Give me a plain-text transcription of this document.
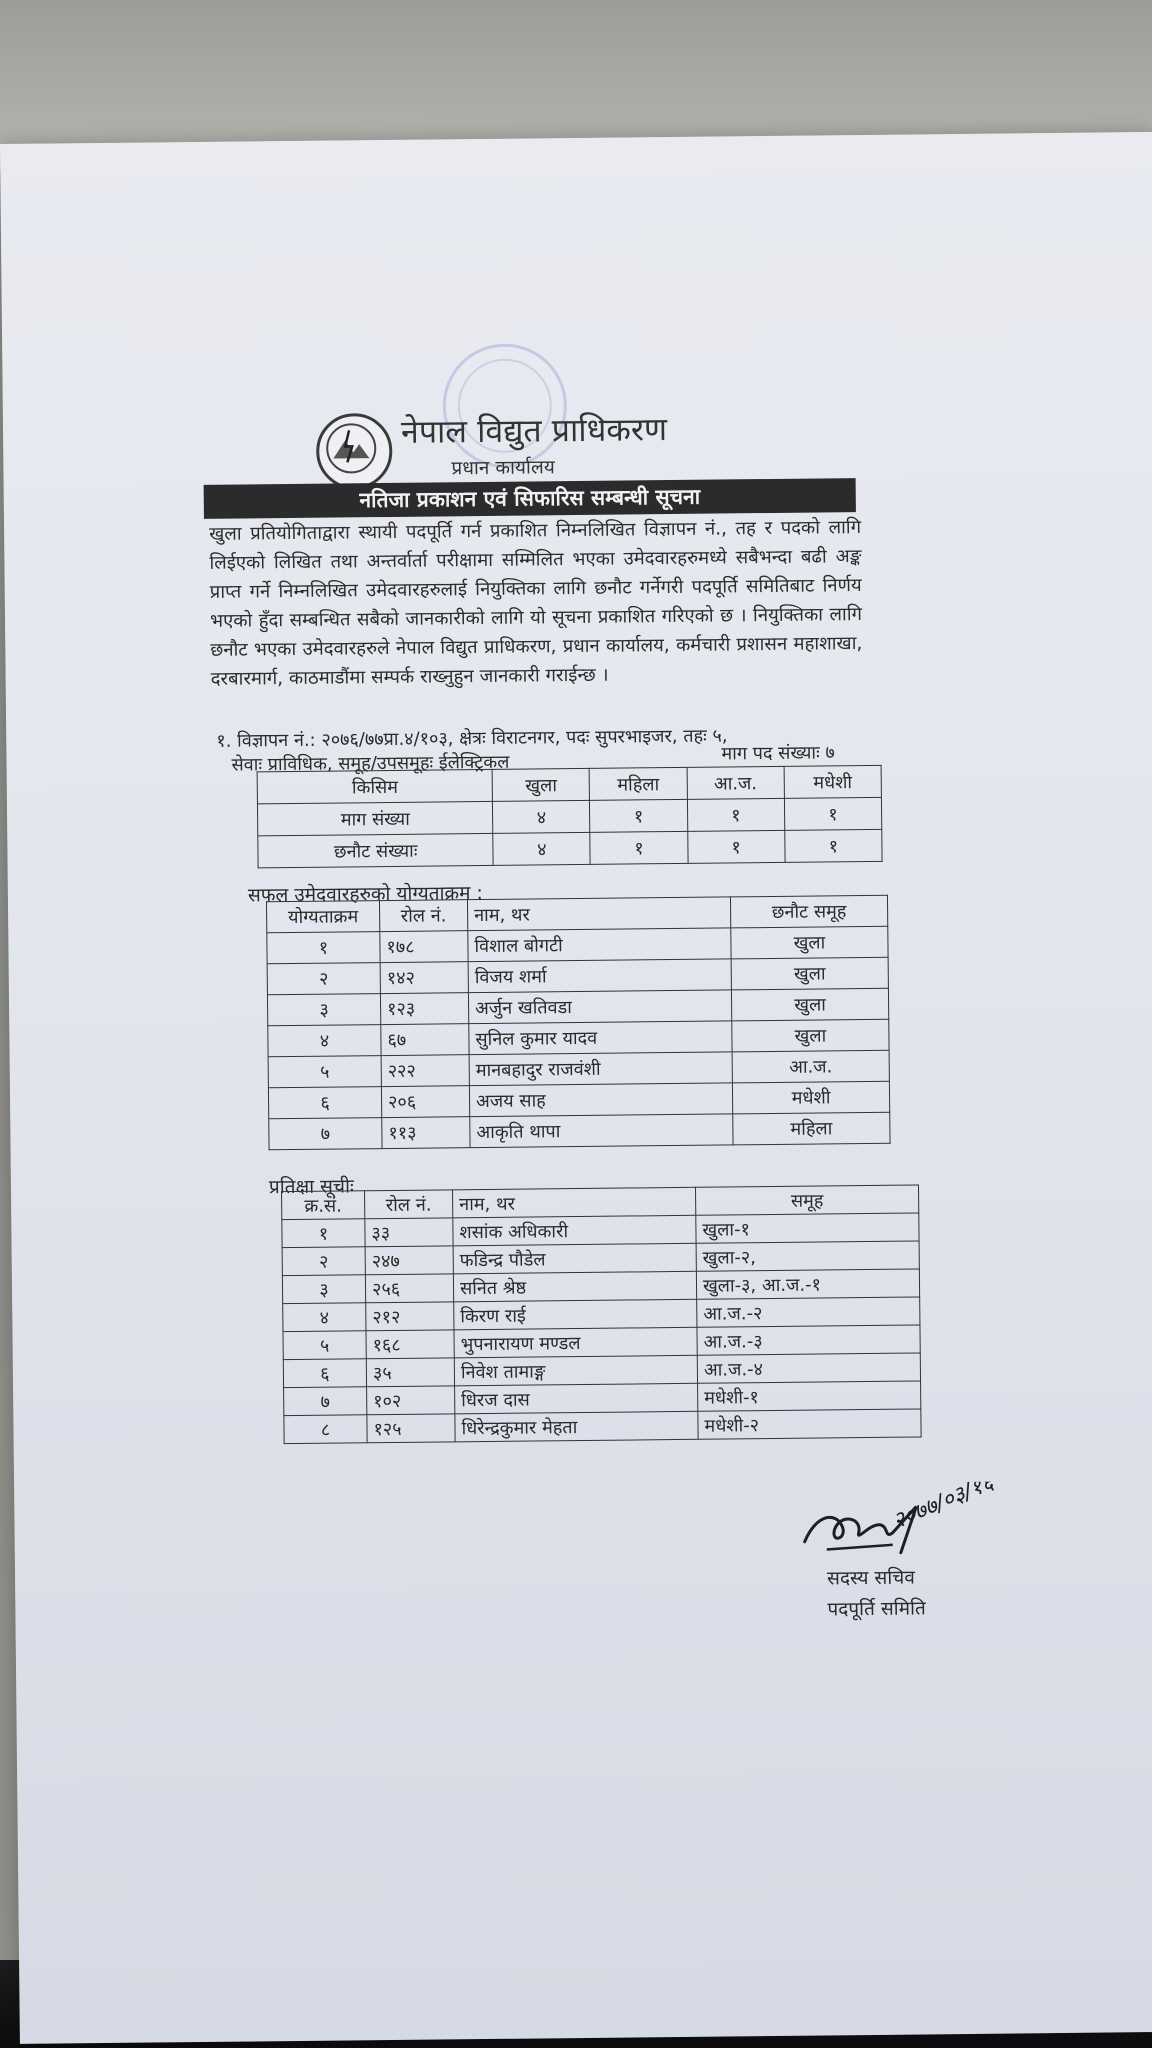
नेपाल विद्युत प्राधिकरण
प्रधान कार्यालय
नतिजा प्रकाशन एवं सिफारिस सम्बन्धी सूचना
खुला प्रतियोगिताद्वारा स्थायी पदपूर्ति गर्न प्रकाशित निम्नलिखित विज्ञापन नं., तह र पदको लागि लिईएको लिखित तथा अन्तर्वार्ता परीक्षामा सम्मिलित भएका उमेदवारहरुमध्ये सबैभन्दा बढी अङ्क प्राप्त गर्ने निम्नलिखित उमेदवारहरुलाई नियुक्तिका लागि छनौट गर्नेगरी पदपूर्ति समितिबाट निर्णय भएको हुँदा सम्बन्धित सबैको जानकारीको लागि यो सूचना प्रकाशित गरिएको छ । नियुक्तिका लागि छनौट भएका उमेदवारहरुले नेपाल विद्युत प्राधिकरण, प्रधान कार्यालय, कर्मचारी प्रशासन महाशाखा, दरबारमार्ग, काठमाडौंमा सम्पर्क राख्नुहुन जानकारी गराईन्छ ।
१. विज्ञापन नं.: २०७६/७७प्रा.४/१०३, क्षेत्रः विराटनगर, पदः सुपरभाइजर, तहः ५,
सेवाः प्राविधिक, समूह/उपसमूहः ईलेक्ट्रिकल	माग पद संख्याः ७
किसिम	खुला	महिला	आ.ज.	मधेशी
माग संख्या	४	१	१	१
छनौट संख्याः	४	१	१	१
सफल उमेदवारहरुको योग्यताक्रम :
योग्यताक्रम	रोल नं.	नाम, थर	छनौट समूह
१	१७८	विशाल बोगटी	खुला
२	१४२	विजय शर्मा	खुला
३	१२३	अर्जुन खतिवडा	खुला
४	६७	सुनिल कुमार यादव	खुला
५	२२२	मानबहादुर राजवंशी	आ.ज.
६	२०६	अजय साह	मधेशी
७	११३	आकृति थापा	महिला
प्रतिक्षा सूचीः
क्र.सं.	रोल नं.	नाम, थर	समूह
१	३३	शसांक अधिकारी	खुला-१
२	२४७	फडिन्द्र पौडेल	खुला-२,
३	२५६	सनित श्रेष्ठ	खुला-३, आ.ज.-१
४	२१२	किरण राई	आ.ज.-२
५	१६८	भुपनारायण मण्डल	आ.ज.-३
६	३५	निवेश तामाङ्ग	आ.ज.-४
७	१०२	धिरज दास	मधेशी-१
८	१२५	धिरेन्द्रकुमार मेहता	मधेशी-२
२०७७/०३/१६
सदस्य सचिव
पदपूर्ति समिति
